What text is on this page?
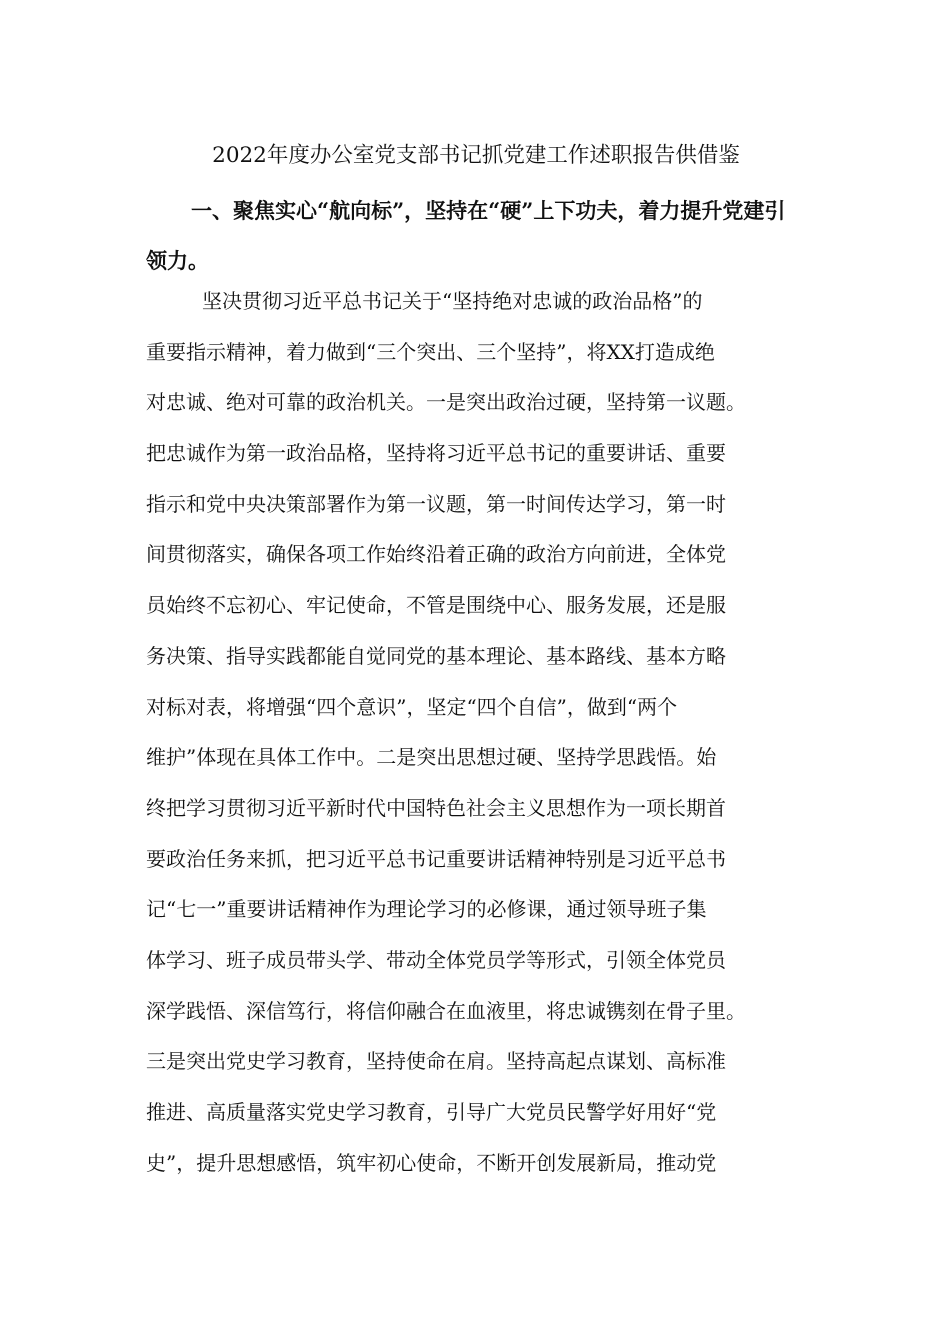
2022年度办公室党支部书记抓党建工作述职报告供借鉴
一、聚焦实心“航向标”，坚持在“硬”上下功夫，着力提升党建引领力。
坚决贯彻习近平总书记关于“坚持绝对忠诚的政治品格”的
重要指示精神，着力做到“三个突出、三个坚持”，将XX打造成绝
对忠诚、绝对可靠的政治机关。一是突出政治过硬，坚持第一议题。
把忠诚作为第一政治品格，坚持将习近平总书记的重要讲话、重要
指示和党中央决策部署作为第一议题，第一时间传达学习，第一时
间贯彻落实，确保各项工作始终沿着正确的政治方向前进，全体党
员始终不忘初心、牢记使命，不管是围绕中心、服务发展，还是服
务决策、指导实践都能自觉同党的基本理论、基本路线、基本方略
对标对表，将增强“四个意识”，坚定“四个自信”，做到“两个
维护”体现在具体工作中。二是突出思想过硬、坚持学思践悟。始
终把学习贯彻习近平新时代中国特色社会主义思想作为一项长期首
要政治任务来抓，把习近平总书记重要讲话精神特别是习近平总书
记“七一”重要讲话精神作为理论学习的必修课，通过领导班子集
体学习、班子成员带头学、带动全体党员学等形式，引领全体党员
深学践悟、深信笃行，将信仰融合在血液里，将忠诚镌刻在骨子里。
三是突出党史学习教育，坚持使命在肩。坚持高起点谋划、高标准
推进、高质量落实党史学习教育，引导广大党员民警学好用好“党
史”，提升思想感悟，筑牢初心使命，不断开创发展新局，推动党
